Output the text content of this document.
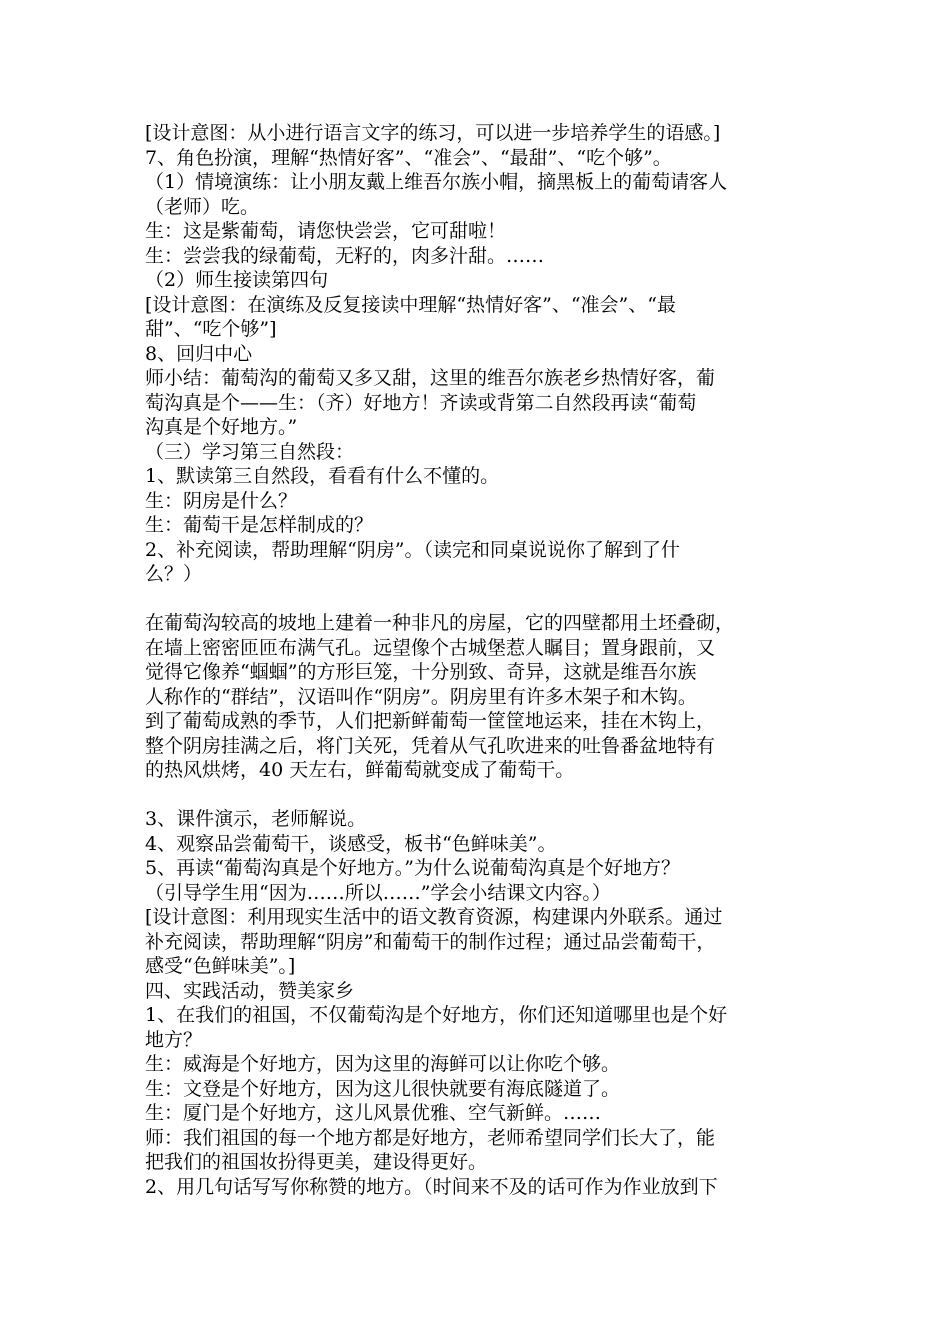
[设计意图：从小进行语言文字的练习，可以进一步培养学生的语感。]
7、角色扮演，理解“热情好客”、“准会”、“最甜”、“吃个够”。
（1）情境演练：让小朋友戴上维吾尔族小帽，摘黑板上的葡萄请客人
（老师）吃。
生：这是紫葡萄，请您快尝尝，它可甜啦！
生：尝尝我的绿葡萄，无籽的，肉多汁甜。……
（2）师生接读第四句
[设计意图：在演练及反复接读中理解“热情好客”、“准会”、“最
甜”、“吃个够”]
8、回归中心
师小结：葡萄沟的葡萄又多又甜，这里的维吾尔族老乡热情好客，葡
萄沟真是个——生：（齐）好地方！齐读或背第二自然段再读“葡萄
沟真是个好地方。”
（三）学习第三自然段：
1、默读第三自然段，看看有什么不懂的。
生：阴房是什么？
生：葡萄干是怎样制成的？
2、补充阅读，帮助理解“阴房”。（读完和同桌说说你了解到了什
么？）
在葡萄沟较高的坡地上建着一种非凡的房屋，它的四壁都用土坯叠砌，
在墙上密密匝匝布满气孔。远望像个古城堡惹人瞩目；置身跟前，又
觉得它像养“蝈蝈”的方形巨笼，十分别致、奇异，这就是维吾尔族
人称作的“群结”，汉语叫作“阴房”。阴房里有许多木架子和木钩。
到了葡萄成熟的季节，人们把新鲜葡萄一筐筐地运来，挂在木钩上，
整个阴房挂满之后，将门关死，凭着从气孔吹进来的吐鲁番盆地特有
的热风烘烤，40 天左右，鲜葡萄就变成了葡萄干。
3、课件演示，老师解说。
4、观察品尝葡萄干，谈感受，板书“色鲜味美”。
5、再读“葡萄沟真是个好地方。”为什么说葡萄沟真是个好地方？
（引导学生用“因为……所以……”学会小结课文内容。）
[设计意图：利用现实生活中的语文教育资源，构建课内外联系。通过
补充阅读，帮助理解“阴房”和葡萄干的制作过程；通过品尝葡萄干，
感受“色鲜味美”。]
四、实践活动，赞美家乡
1、在我们的祖国，不仅葡萄沟是个好地方，你们还知道哪里也是个好
地方？
生：威海是个好地方，因为这里的海鲜可以让你吃个够。
生：文登是个好地方，因为这儿很快就要有海底隧道了。
生：厦门是个好地方，这儿风景优雅、空气新鲜。……
师：我们祖国的每一个地方都是好地方，老师希望同学们长大了，能
把我们的祖国妆扮得更美，建设得更好。
2、用几句话写写你称赞的地方。（时间来不及的话可作为作业放到下
